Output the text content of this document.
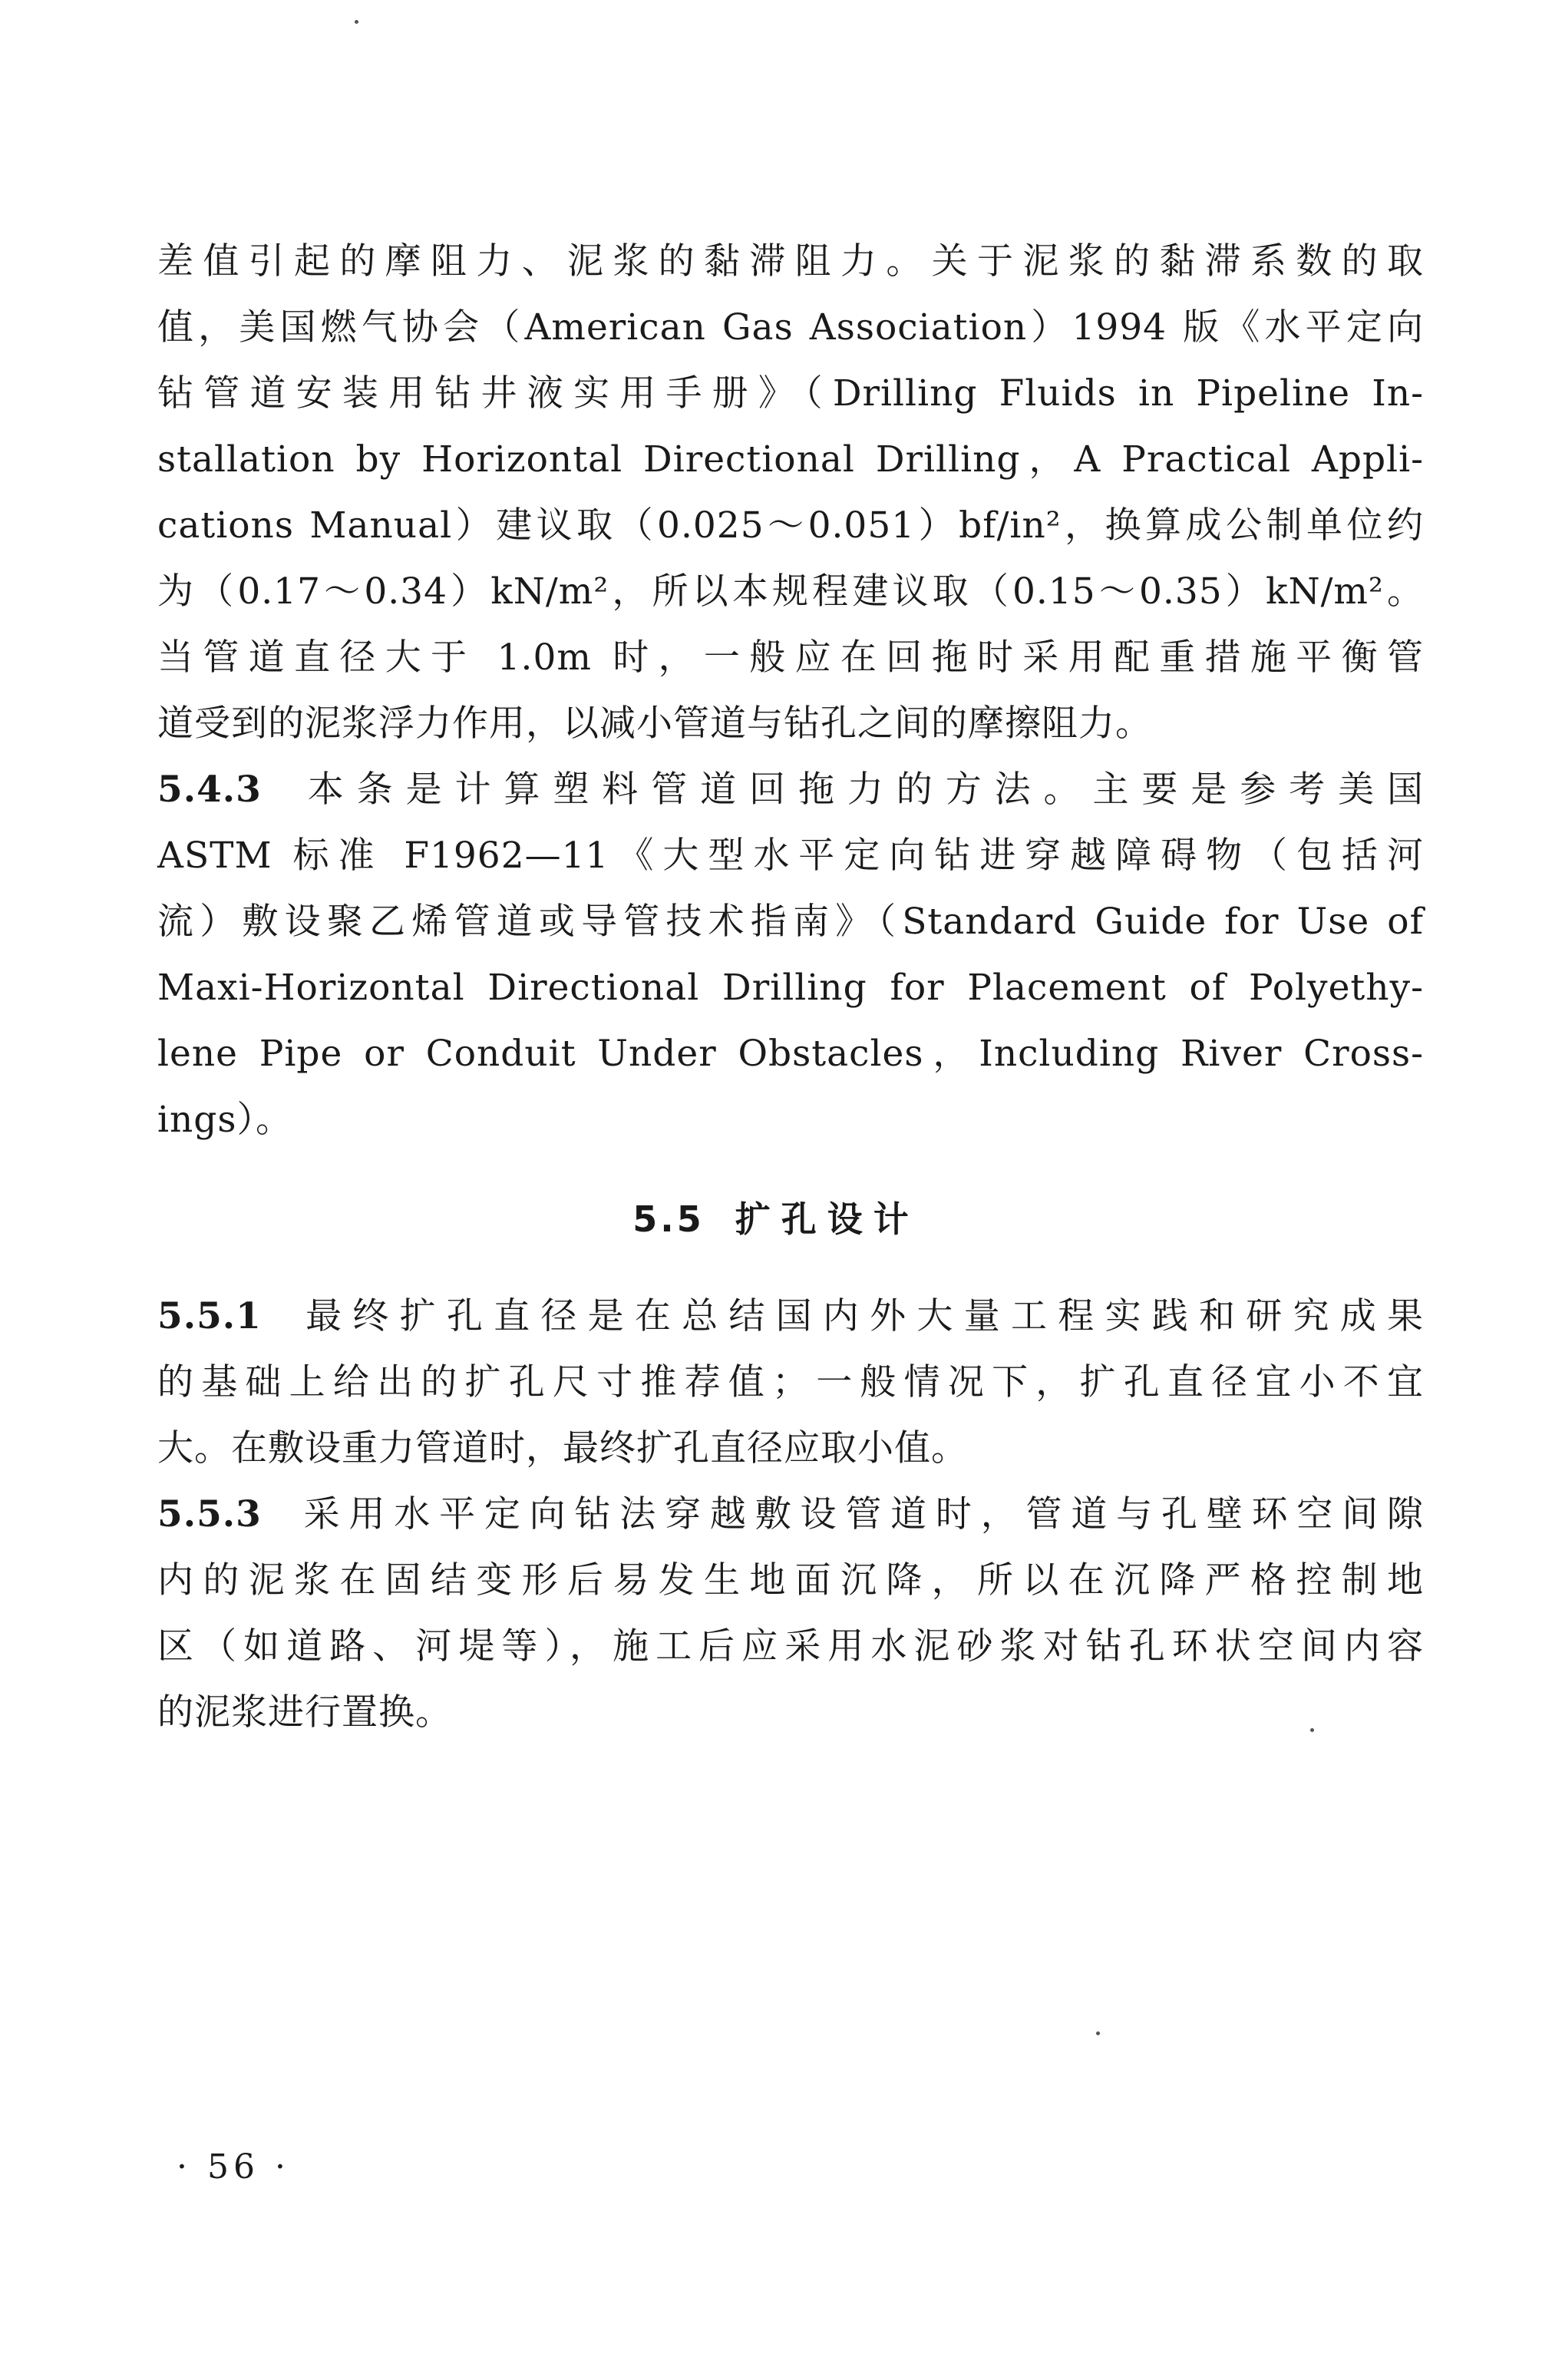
差值引起的摩阻力、泥浆的黏滞阻力。关于泥浆的黏滞系数的取
值，美国燃气协会（American Gas Association）1994 版《水平定向
钻管道安装用钻井液实用手册》（Drilling Fluids in Pipeline In-
stallation by Horizontal Directional Drilling，A Practical Appli-
cations Manual）建议取（0.025～0.051）bf/in²，换算成公制单位约
为（0.17～0.34）kN/m²，所以本规程建议取（0.15～0.35）kN/m²。
当管道直径大于 1.0m 时，一般应在回拖时采用配重措施平衡管
道受到的泥浆浮力作用，以减小管道与钻孔之间的摩擦阻力。
5.4.3 本条是计算塑料管道回拖力的方法。主要是参考美国
ASTM 标准 F1962—11《大型水平定向钻进穿越障碍物（包括河
流）敷设聚乙烯管道或导管技术指南》（Standard Guide for Use of
Maxi-Horizontal Directional Drilling for Placement of Polyethy-
lene Pipe or Conduit Under Obstacles，Including River Cross-
ings）。
5.5 扩孔设计
5.5.1 最终扩孔直径是在总结国内外大量工程实践和研究成果
的基础上给出的扩孔尺寸推荐值；一般情况下，扩孔直径宜小不宜
大。在敷设重力管道时，最终扩孔直径应取小值。
5.5.3 采用水平定向钻法穿越敷设管道时，管道与孔壁环空间隙
内的泥浆在固结变形后易发生地面沉降，所以在沉降严格控制地
区（如道路、河堤等），施工后应采用水泥砂浆对钻孔环状空间内容
的泥浆进行置换。
· 56 ·
